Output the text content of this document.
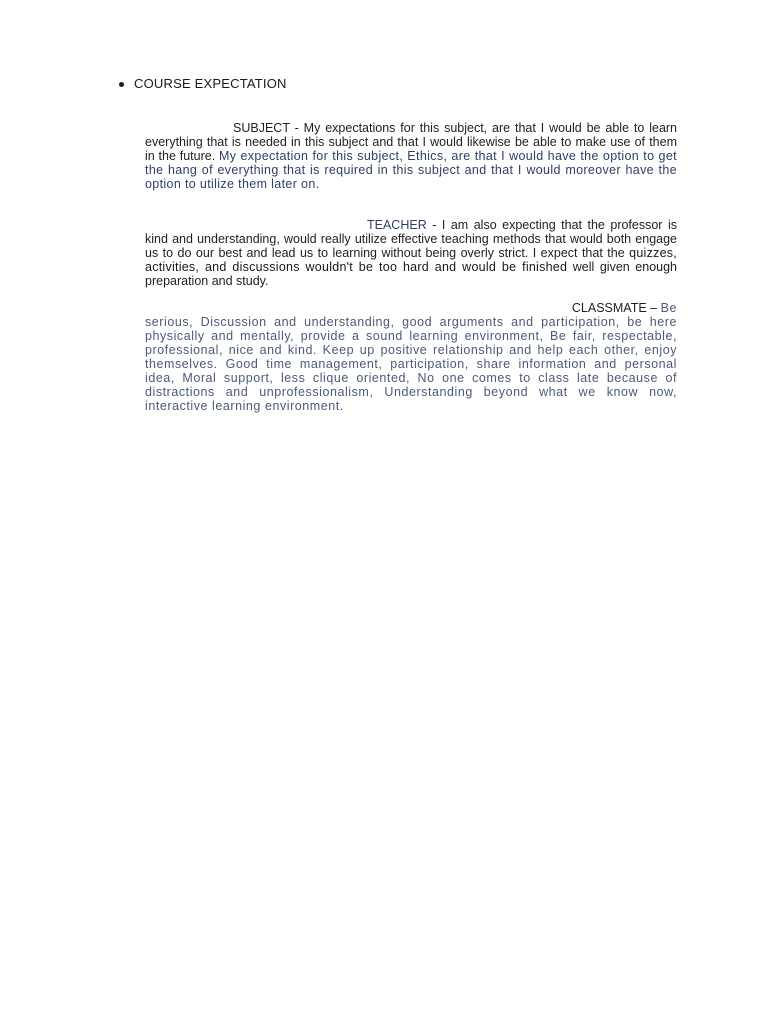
COURSE EXPECTATION
SUBJECT - My expectations for this subject, are that I would be able to learn everything that is needed in this subject and that I would likewise be able to make use of them in the future. My expectation for this subject, Ethics, are that I would have the option to get the hang of everything that is required in this subject and that I would moreover have the option to utilize them later on.
TEACHER - I am also expecting that the professor is kind and understanding, would really utilize effective teaching methods that would both engage us to do our best and lead us to learning without being overly strict. I expect that the quizzes, activities, and discussions wouldn't be too hard and would be finished well given enough preparation and study.
CLASSMATE – Be
serious, Discussion and understanding, good arguments and participation, be here physically and mentally, provide a sound learning environment, Be fair, respectable, professional, nice and kind. Keep up positive relationship and help each other, enjoy themselves. Good time management, participation, share information and personal idea, Moral support, less clique oriented, No one comes to class late because of distractions and unprofessionalism, Understanding beyond what we know now, interactive learning environment.
